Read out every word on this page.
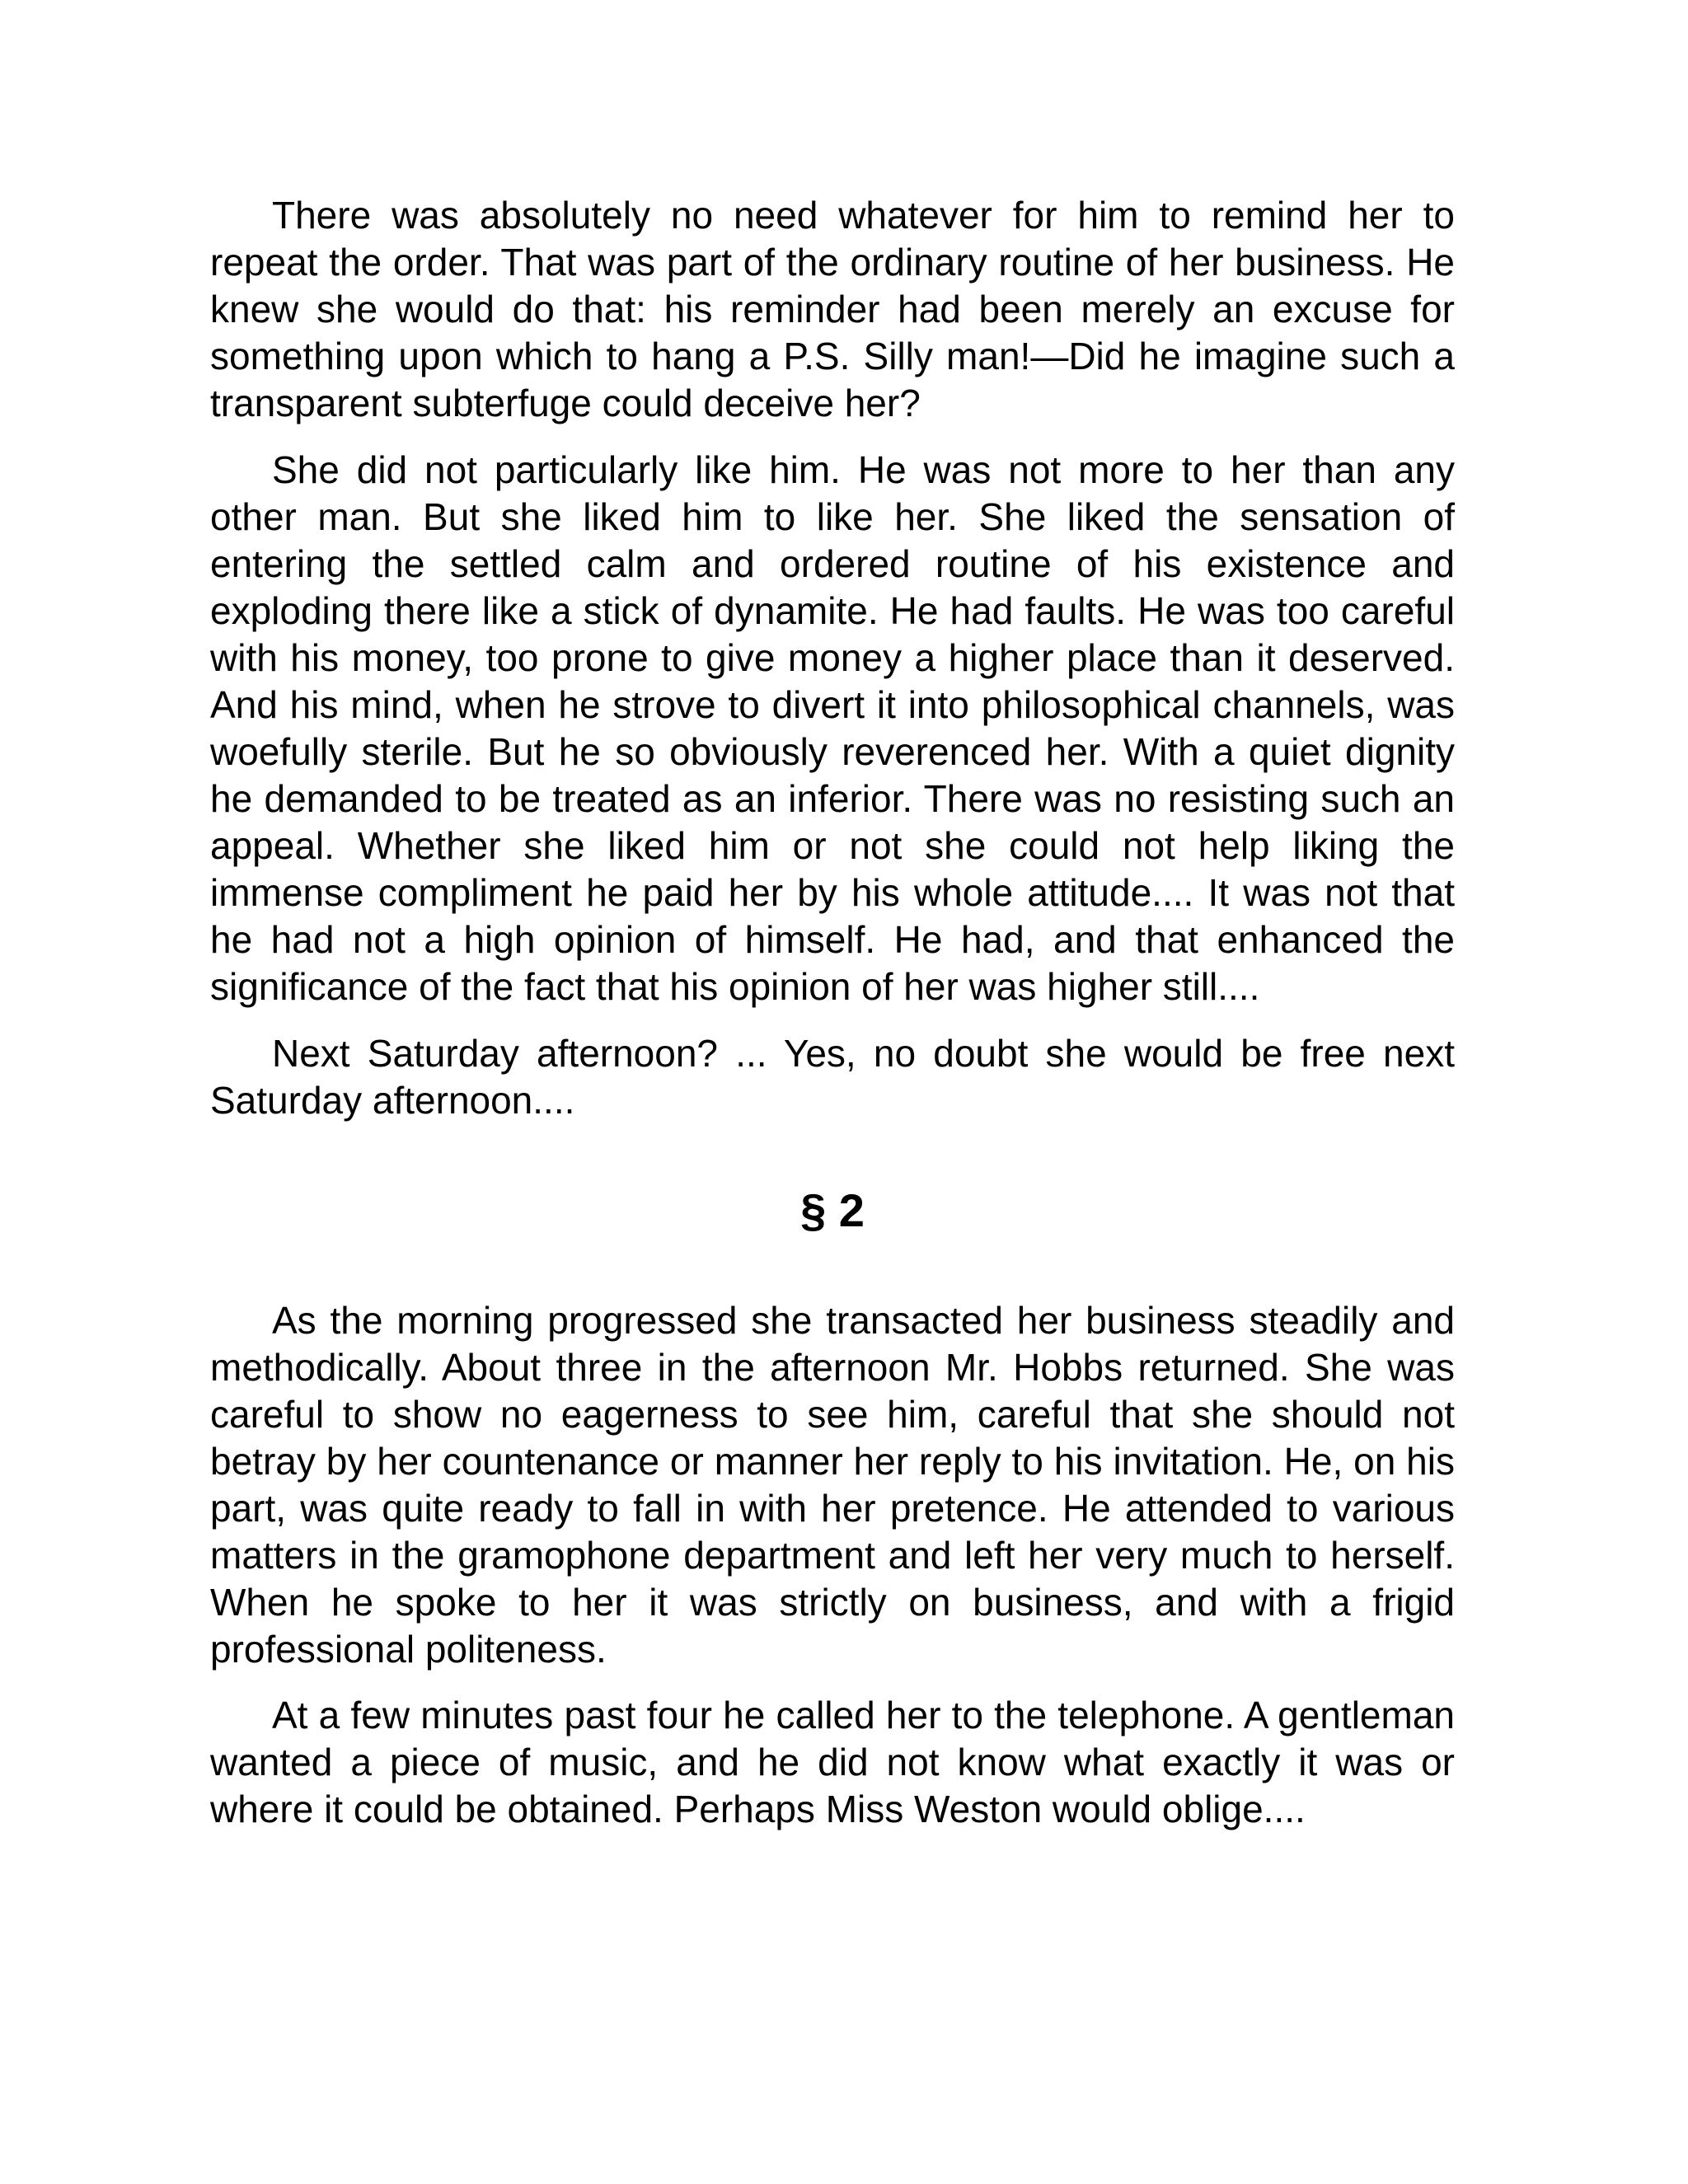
There was absolutely no need whatever for him to remind her to repeat the order. That was part of the ordinary routine of her business. He knew she would do that: his reminder had been merely an excuse for something upon which to hang a P.S. Silly man!—Did he imagine such a transparent subterfuge could deceive her?

She did not particularly like him. He was not more to her than any other man. But she liked him to like her. She liked the sensation of entering the settled calm and ordered routine of his existence and exploding there like a stick of dynamite. He had faults. He was too careful with his money, too prone to give money a higher place than it deserved. And his mind, when he strove to divert it into philosophical channels, was woefully sterile. But he so obviously reverenced her. With a quiet dignity he demanded to be treated as an inferior. There was no resisting such an appeal. Whether she liked him or not she could not help liking the immense compliment he paid her by his whole attitude.... It was not that he had not a high opinion of himself. He had, and that enhanced the significance of the fact that his opinion of her was higher still....

Next Saturday afternoon? ... Yes, no doubt she would be free next Saturday afternoon....

§ 2

As the morning progressed she transacted her business steadily and methodically. About three in the afternoon Mr. Hobbs returned. She was careful to show no eagerness to see him, careful that she should not betray by her countenance or manner her reply to his invitation. He, on his part, was quite ready to fall in with her pretence. He attended to various matters in the gramophone department and left her very much to herself. When he spoke to her it was strictly on business, and with a frigid professional politeness.

At a few minutes past four he called her to the telephone. A gentleman wanted a piece of music, and he did not know what exactly it was or where it could be obtained. Perhaps Miss Weston would oblige....
